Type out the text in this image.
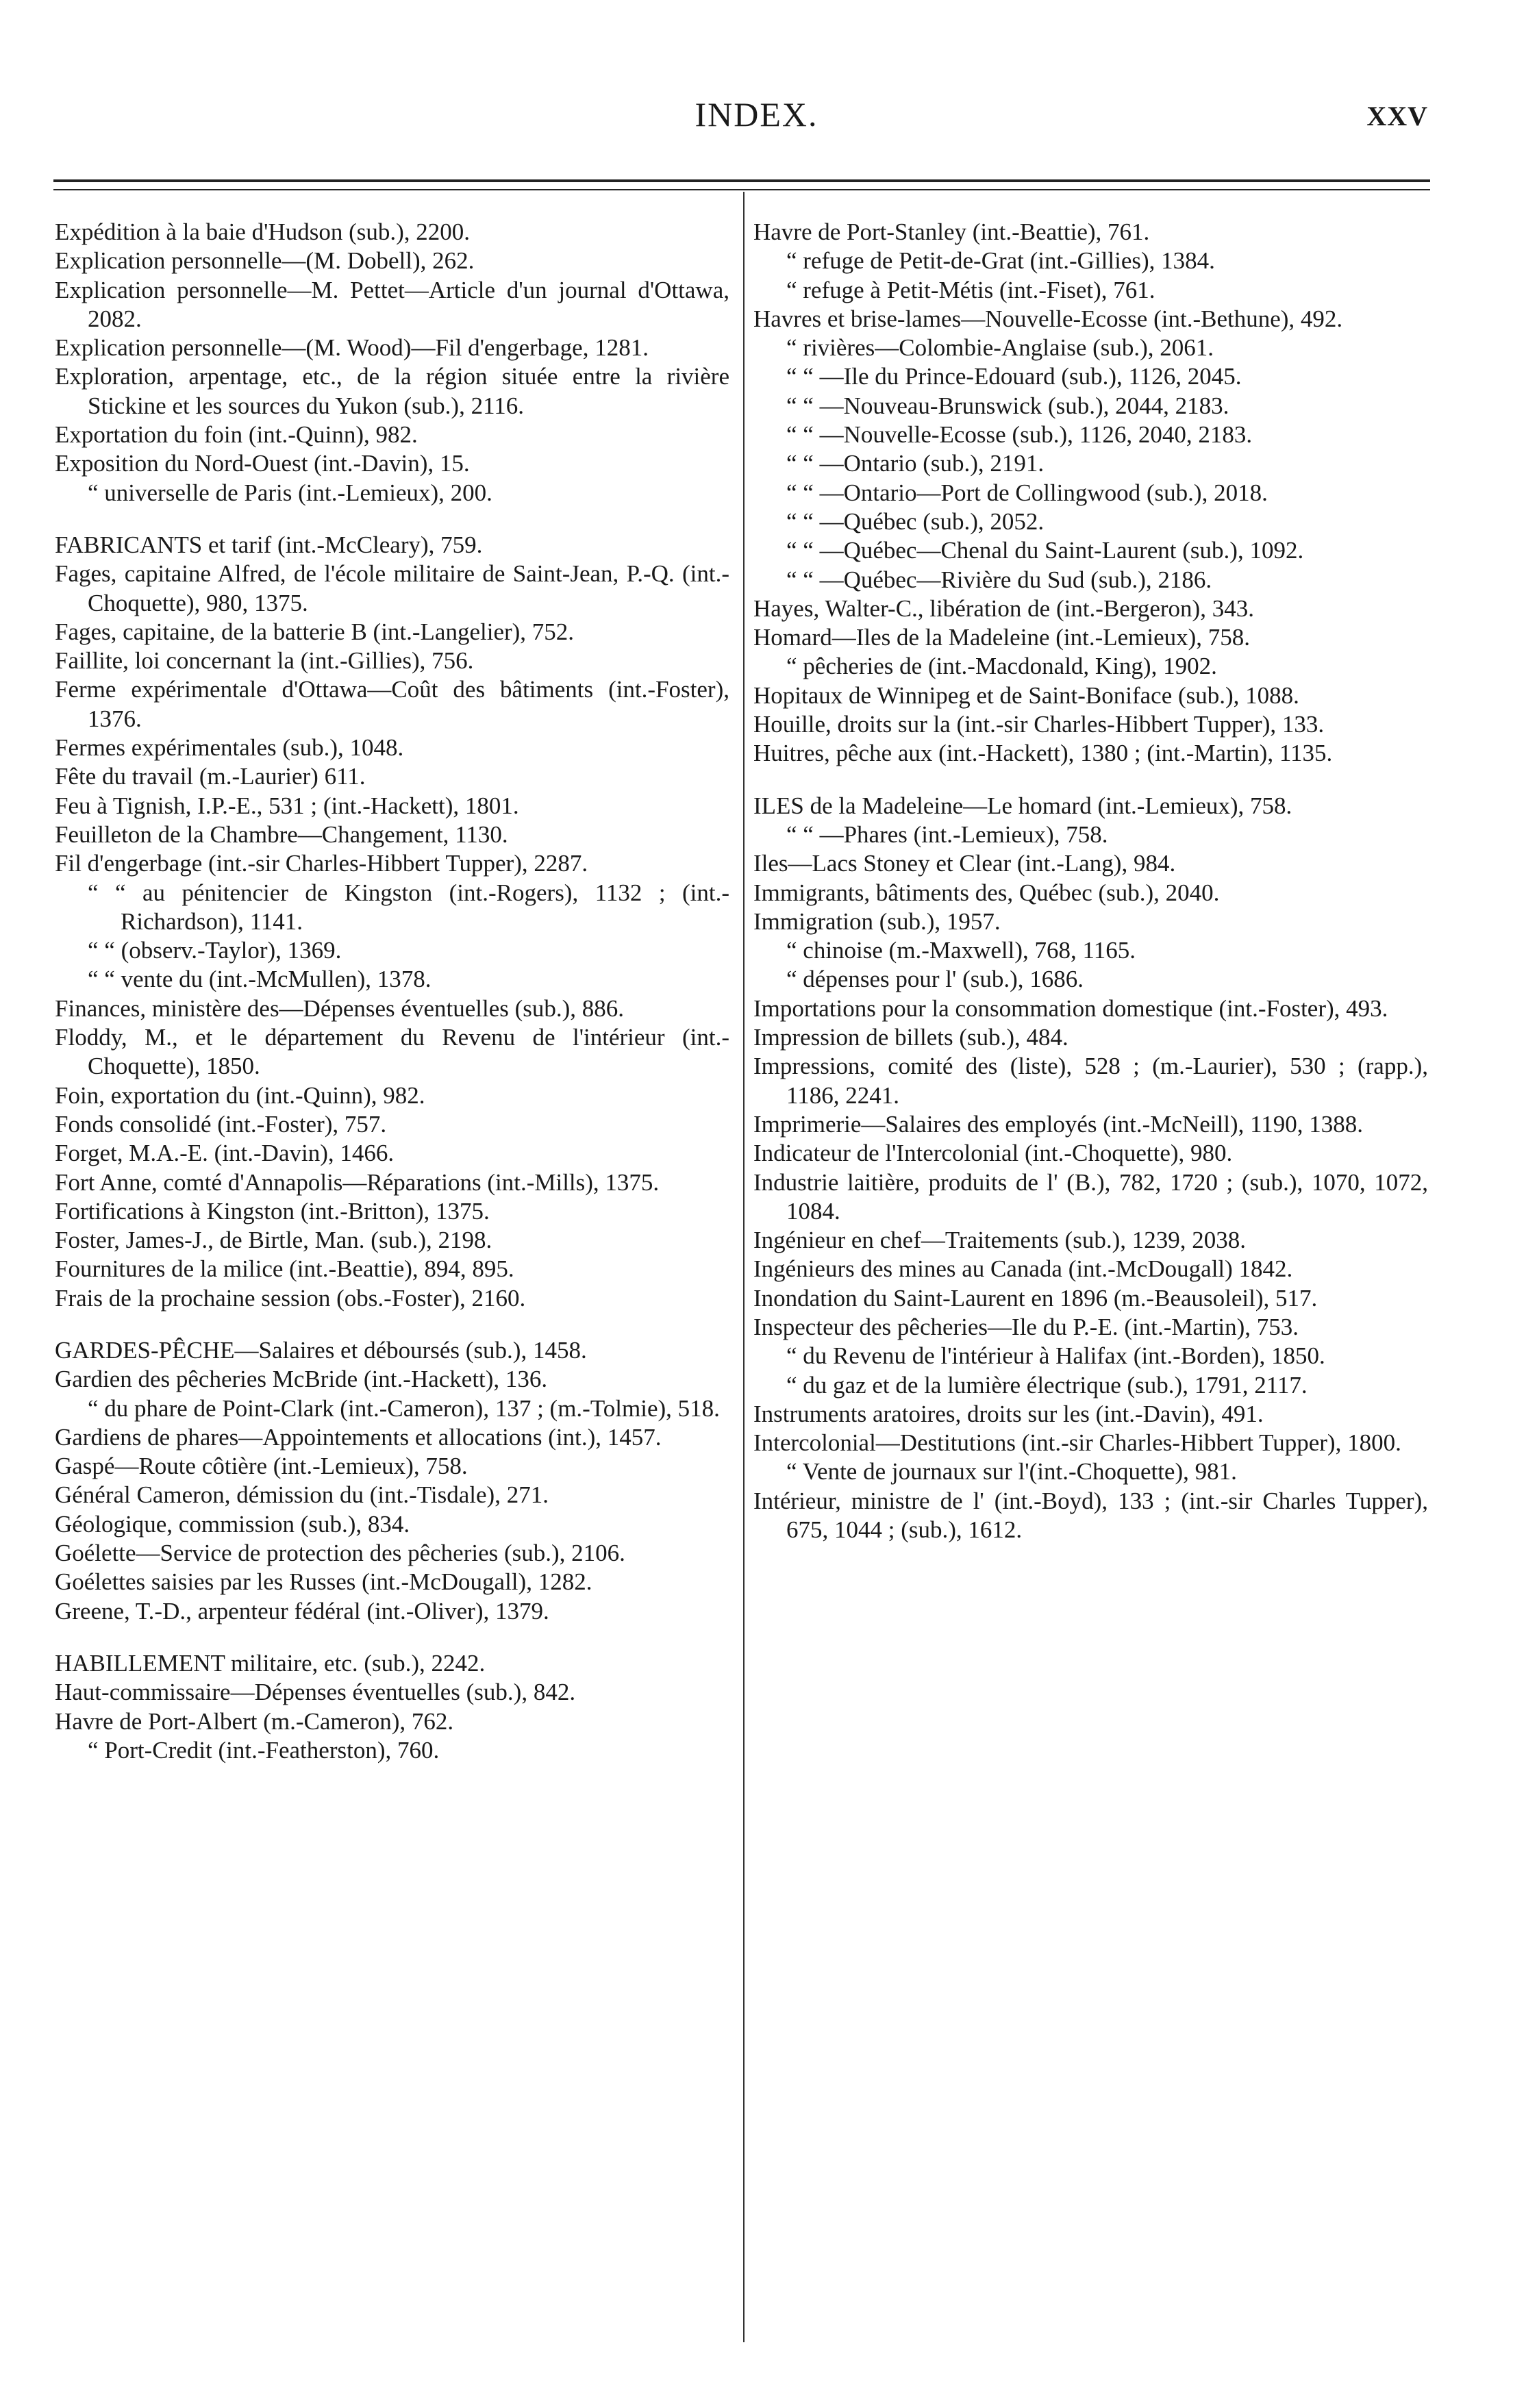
INDEX.	XXV

Expédition à la baie d'Hudson (sub.), 2200.

Explication personnelle—(M. Dobell), 262.

Explication personnelle—M. Pettet—Article d'un journal d'Ottawa, 2082.

Explication personnelle—(M. Wood)—Fil d'engerbage, 1281.

Exploration, arpentage, etc., de la région située entre la rivière Stickine et les sources du Yukon (sub.), 2116.

Exportation du foin (int.-Quinn), 982.

Exposition du Nord-Ouest (int.-Davin), 15.

“ universelle de Paris (int.-Lemieux), 200.

FABRICANTS et tarif (int.-McCleary), 759.

Fages, capitaine Alfred, de l'école militaire de Saint-Jean, P.-Q. (int.-Choquette), 980, 1375.

Fages, capitaine, de la batterie B (int.-Langelier), 752.

Faillite, loi concernant la (int.-Gillies), 756.

Ferme expérimentale d'Ottawa—Coût des bâtiments (int.-Foster), 1376.

Fermes expérimentales (sub.), 1048.

Fête du travail (m.-Laurier) 611.

Feu à Tignish, I.P.-E., 531 ; (int.-Hackett), 1801.

Feuilleton de la Chambre—Changement, 1130.

Fil d'engerbage (int.-sir Charles-Hibbert Tupper), 2287.

“ “ au pénitencier de Kingston (int.-Rogers), 1132 ; (int.-Richardson), 1141.

“ “ (observ.-Taylor), 1369.

“ “ vente du (int.-McMullen), 1378.

Finances, ministère des—Dépenses éventuelles (sub.), 886.

Floddy, M., et le département du Revenu de l'intérieur (int.-Choquette), 1850.

Foin, exportation du (int.-Quinn), 982.

Fonds consolidé (int.-Foster), 757.

Forget, M.A.-E. (int.-Davin), 1466.

Fort Anne, comté d'Annapolis—Réparations (int.-Mills), 1375.

Fortifications à Kingston (int.-Britton), 1375.

Foster, James-J., de Birtle, Man. (sub.), 2198.

Fournitures de la milice (int.-Beattie), 894, 895.

Frais de la prochaine session (obs.-Foster), 2160.

GARDES-PÊCHE—Salaires et déboursés (sub.), 1458.

Gardien des pêcheries McBride (int.-Hackett), 136.

“ du phare de Point-Clark (int.-Cameron), 137 ; (m.-Tolmie), 518.

Gardiens de phares—Appointements et allocations (int.), 1457.

Gaspé—Route côtière (int.-Lemieux), 758.

Général Cameron, démission du (int.-Tisdale), 271.

Géologique, commission (sub.), 834.

Goélette—Service de protection des pêcheries (sub.), 2106.

Goélettes saisies par les Russes (int.-McDougall), 1282.

Greene, T.-D., arpenteur fédéral (int.-Oliver), 1379.

HABILLEMENT militaire, etc. (sub.), 2242.

Haut-commissaire—Dépenses éventuelles (sub.), 842.

Havre de Port-Albert (m.-Cameron), 762.

“ Port-Credit (int.-Featherston), 760.

Havre de Port-Stanley (int.-Beattie), 761.

“ refuge de Petit-de-Grat (int.-Gillies), 1384.

“ refuge à Petit-Métis (int.-Fiset), 761.

Havres et brise-lames—Nouvelle-Ecosse (int.-Bethune), 492.

“ rivières—Colombie-Anglaise (sub.), 2061.

“ “ —Ile du Prince-Edouard (sub.), 1126, 2045.

“ “ —Nouveau-Brunswick (sub.), 2044, 2183.

“ “ —Nouvelle-Ecosse (sub.), 1126, 2040, 2183.

“ “ —Ontario (sub.), 2191.

“ “ —Ontario—Port de Collingwood (sub.), 2018.

“ “ —Québec (sub.), 2052.

“ “ —Québec—Chenal du Saint-Laurent (sub.), 1092.

“ “ —Québec—Rivière du Sud (sub.), 2186.

Hayes, Walter-C., libération de (int.-Bergeron), 343.

Homard—Iles de la Madeleine (int.-Lemieux), 758.

“ pêcheries de (int.-Macdonald, King), 1902.

Hopitaux de Winnipeg et de Saint-Boniface (sub.), 1088.

Houille, droits sur la (int.-sir Charles-Hibbert Tupper), 133.

Huitres, pêche aux (int.-Hackett), 1380 ; (int.-Martin), 1135.

ILES de la Madeleine—Le homard (int.-Lemieux), 758.

“ “ —Phares (int.-Lemieux), 758.

Iles—Lacs Stoney et Clear (int.-Lang), 984.

Immigrants, bâtiments des, Québec (sub.), 2040.

Immigration (sub.), 1957.

“ chinoise (m.-Maxwell), 768, 1165.

“ dépenses pour l' (sub.), 1686.

Importations pour la consommation domestique (int.-Foster), 493.

Impression de billets (sub.), 484.

Impressions, comité des (liste), 528 ; (m.-Laurier), 530 ; (rapp.), 1186, 2241.

Imprimerie—Salaires des employés (int.-McNeill), 1190, 1388.

Indicateur de l'Intercolonial (int.-Choquette), 980.

Industrie laitière, produits de l' (B.), 782, 1720 ; (sub.), 1070, 1072, 1084.

Ingénieur en chef—Traitements (sub.), 1239, 2038.

Ingénieurs des mines au Canada (int.-McDougall) 1842.

Inondation du Saint-Laurent en 1896 (m.-Beausoleil), 517.

Inspecteur des pêcheries—Ile du P.-E. (int.-Martin), 753.

“ du Revenu de l'intérieur à Halifax (int.-Borden), 1850.

“ du gaz et de la lumière électrique (sub.), 1791, 2117.

Instruments aratoires, droits sur les (int.-Davin), 491.

Intercolonial—Destitutions (int.-sir Charles-Hibbert Tupper), 1800.

“ Vente de journaux sur l'(int.-Choquette), 981.

Intérieur, ministre de l' (int.-Boyd), 133 ; (int.-sir Charles Tupper), 675, 1044 ; (sub.), 1612.
